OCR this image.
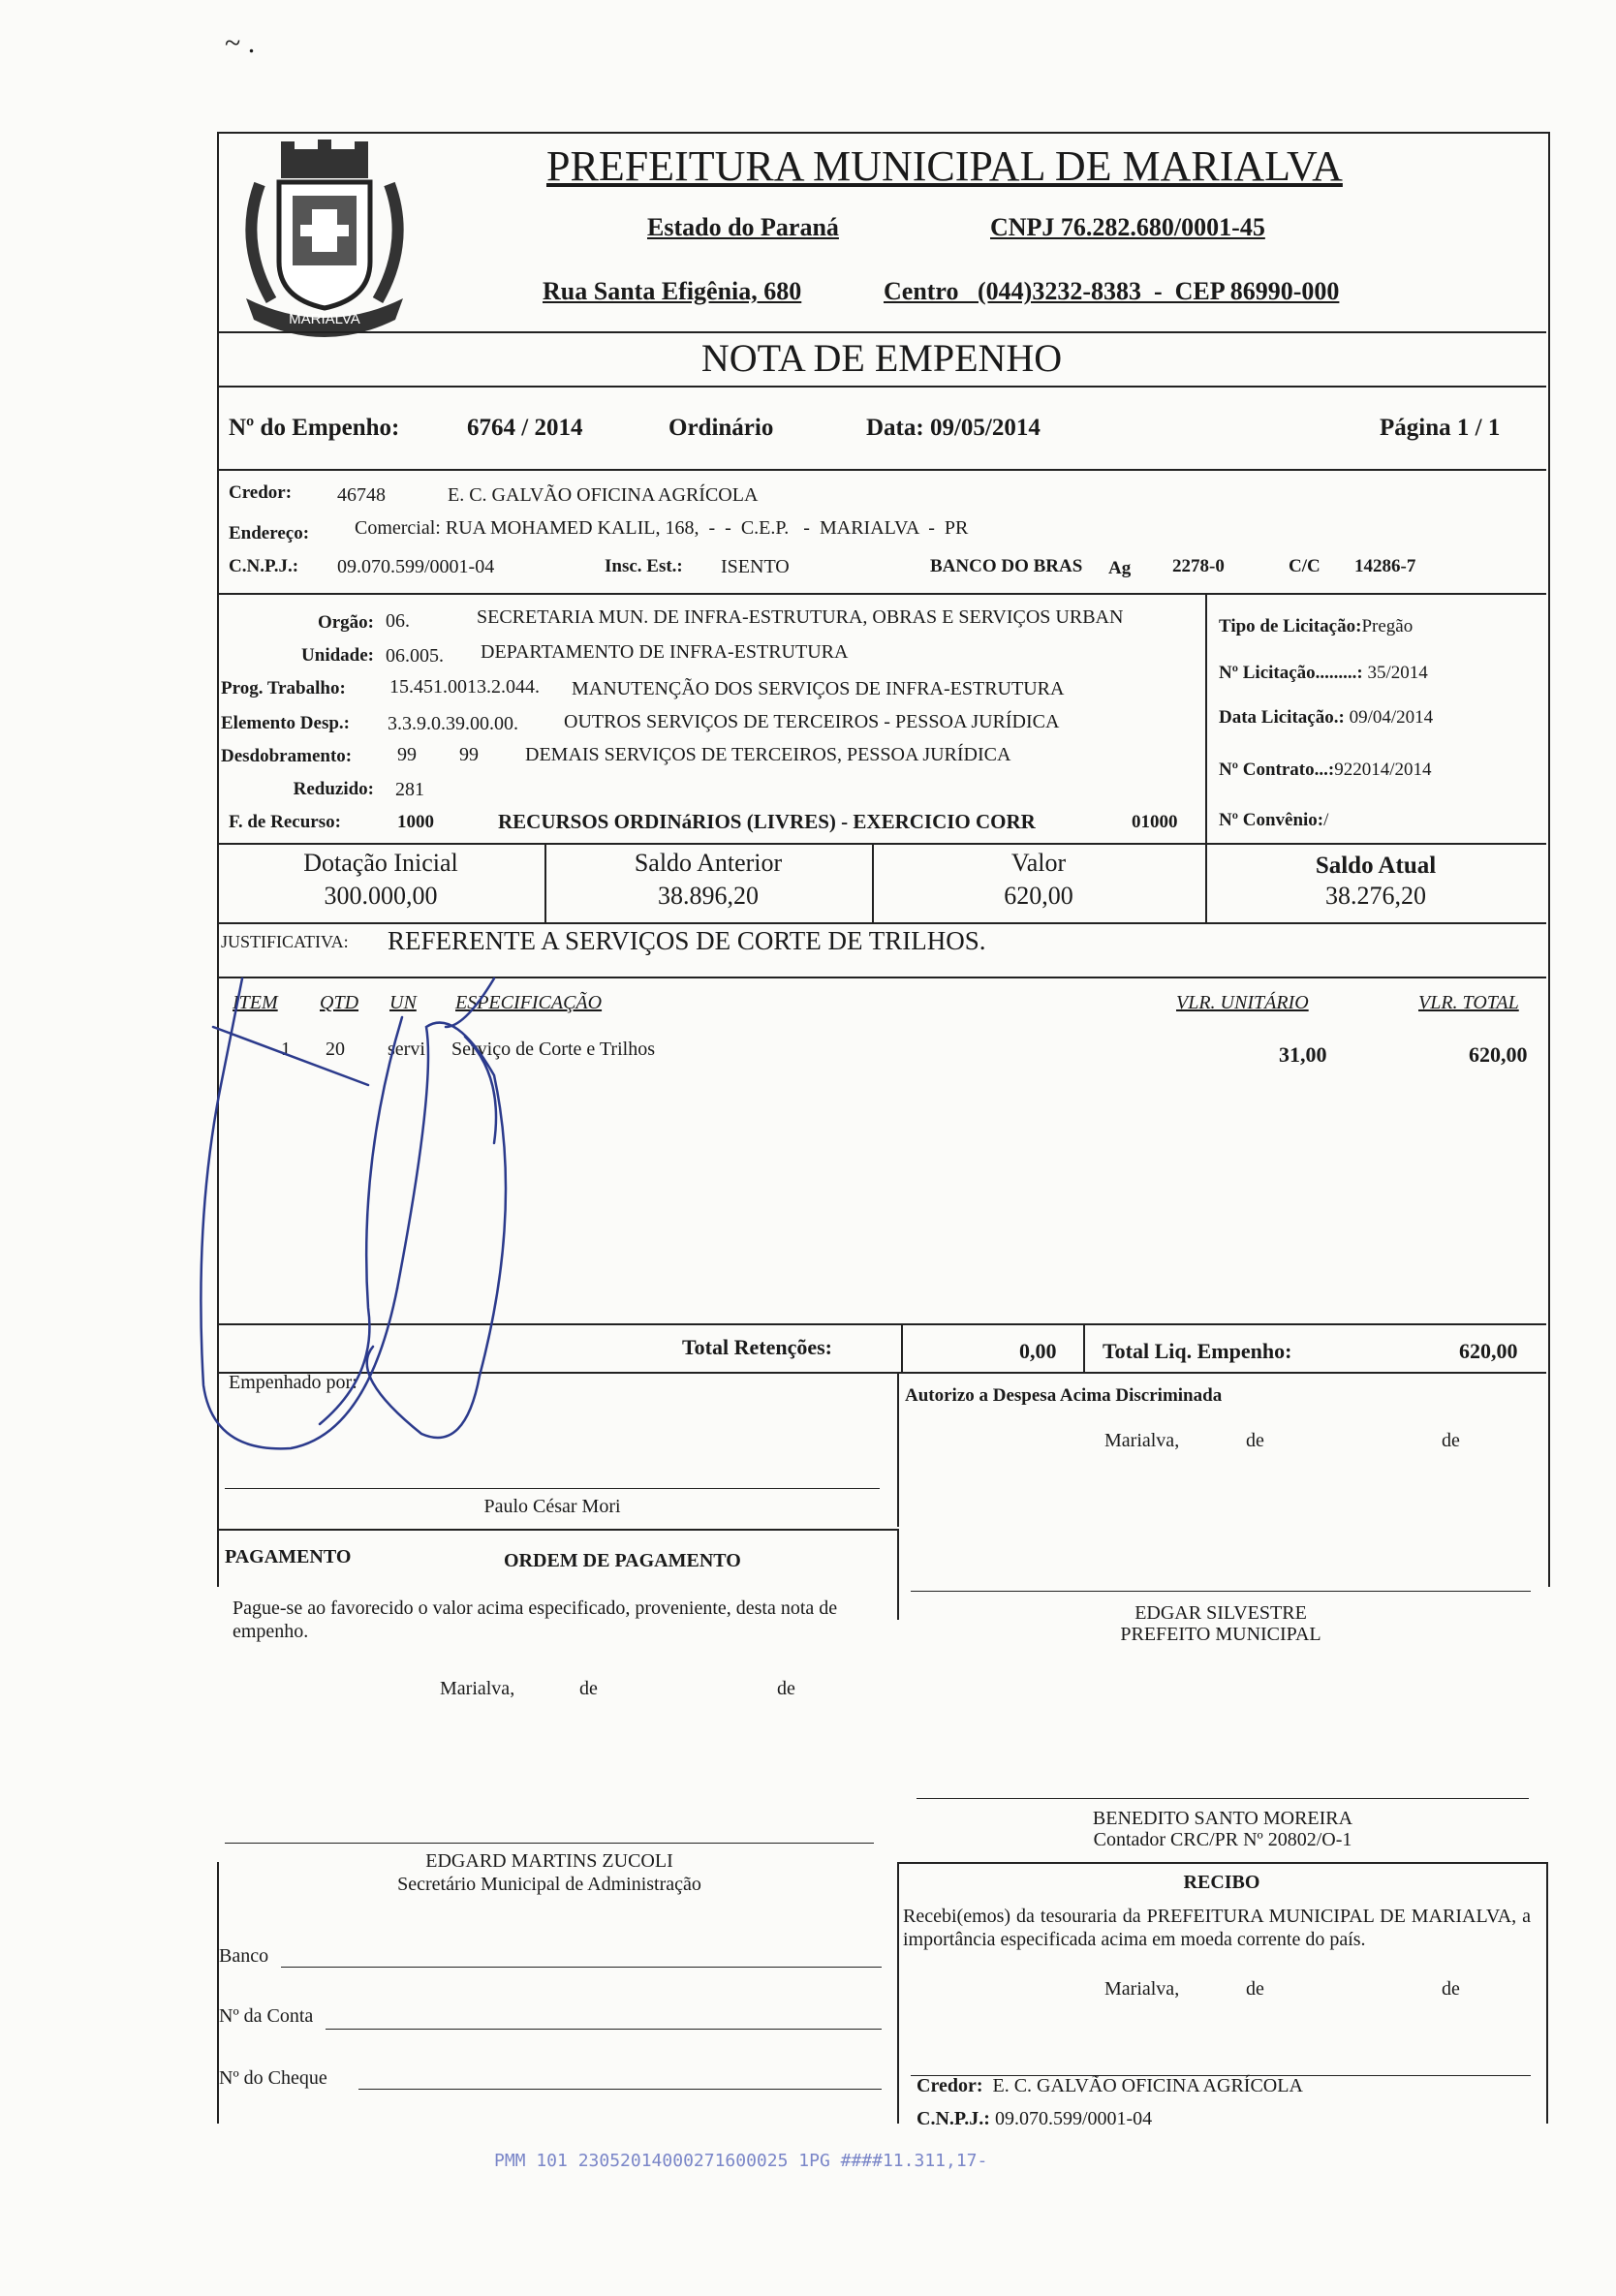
~ .
MARIALVA
PREFEITURA MUNICIPAL DE MARIALVA
Estado do Paraná	CNPJ 76.282.680/0001-45
Rua Santa Efigênia, 680	Centro   (044)3232-8383  -  CEP 86990-000
NOTA DE EMPENHO
Nº do Empenho:	6764 / 2014	Ordinário	Data: 09/05/2014	Página 1 / 1
Credor: 46748	E. C. GALVÃO OFICINA AGRÍCOLA
Endereço: Comercial: RUA MOHAMED KALIL, 168,  -  -  C.E.P.   -  MARIALVA  -  PR
C.N.P.J.: 09.070.599/0001-04	Insc. Est.: ISENTO	BANCO DO BRAS Ag 2278-0	C/C 14286-7
Orgão: 06.	SECRETARIA MUN. DE INFRA-ESTRUTURA, OBRAS E SERVIÇOS URBAN
Unidade: 06.005. DEPARTAMENTO DE INFRA-ESTRUTURA
Prog. Trabalho: 15.451.0013.2.044. MANUTENÇÃO DOS SERVIÇOS DE INFRA-ESTRUTURA
Elemento Desp.: 3.3.9.0.39.00.00. OUTROS SERVIÇOS DE TERCEIROS - PESSOA JURÍDICA
Desdobramento: 99 99 DEMAIS SERVIÇOS DE TERCEIROS, PESSOA JURÍDICA
Reduzido: 281
F. de Recurso:	1000	RECURSOS ORDINáRIOS (LIVRES) - EXERCICIO CORR	01000
Tipo de Licitação:Pregão
Nº Licitação.........: 35/2014
Data Licitação.: 09/04/2014
Nº Contrato...:922014/2014
Nº Convênio:/
Dotação Inicial
300.000,00
Saldo Anterior
38.896,20
Valor
620,00
Saldo Atual
38.276,20
JUSTIFICATIVA: REFERENTE A SERVIÇOS DE CORTE DE TRILHOS.
ITEM QTD UN ESPECIFICAÇÃO	VLR. UNITÁRIO	VLR. TOTAL
1 20 servi Serviço de Corte e Trilhos	31,00	620,00
Total Retenções:	0,00 Total Liq. Empenho:	620,00
Empenhado por:
Paulo César Mori
Autorizo a Despesa Acima Discriminada
Marialva,	de	de
PAGAMENTO	ORDEM DE PAGAMENTO
Pague-se ao favorecido o valor acima especificado, proveniente, desta nota de empenho.
Marialva,	de	de
EDGAR SILVESTRE
PREFEITO MUNICIPAL
BENEDITO SANTO MOREIRA
Contador CRC/PR Nº 20802/O-1
EDGARD MARTINS ZUCOLI
Secretário Municipal de Administração	RECIBO
Recebi(emos) da tesouraria da PREFEITURA MUNICIPAL DE MARIALVA, a importância especificada acima em moeda corrente do país.
Marialva,	de	de
Banco
Nº da Conta
Nº do Cheque	Credor: E. C. GALVÃO OFICINA AGRÍCOLA
C.N.P.J.: 09.070.599/0001-04
PMM 101 23052014000271600025 1PG ####11.311,17-
